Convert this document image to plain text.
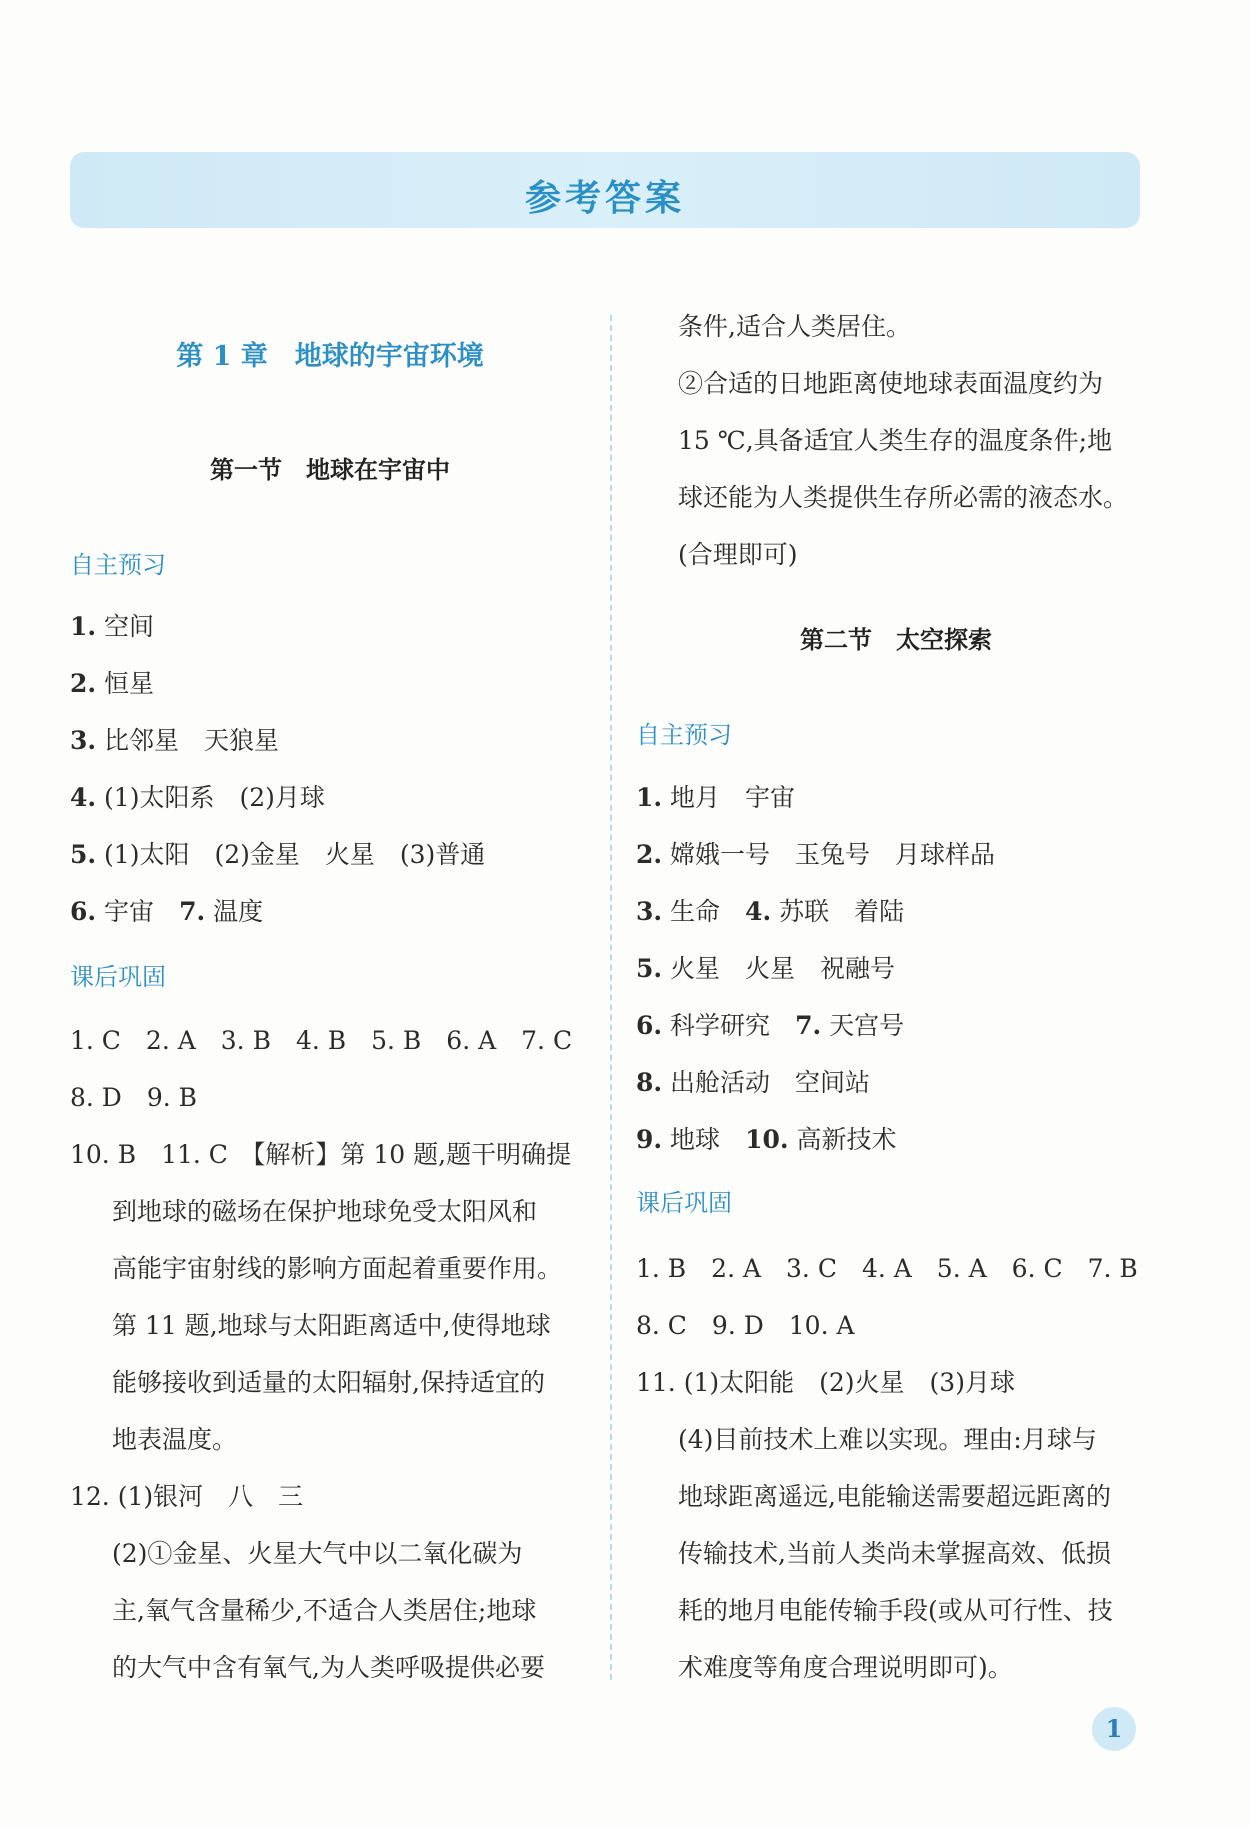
参考答案
第 1 章　地球的宇宙环境
第一节　地球在宇宙中
自主预习
1. 空间
2. 恒星
3. 比邻星　天狼星
4. (1)太阳系　(2)月球
5. (1)太阳　(2)金星　火星　(3)普通
6. 宇宙　7. 温度
课后巩固
1. C　2. A　3. B　4. B　5. B　6. A　7. C
8. D　9. B
10. B　11. C　【解析】第 10 题,题干明确提
到地球的磁场在保护地球免受太阳风和
高能宇宙射线的影响方面起着重要作用。
第 11 题,地球与太阳距离适中,使得地球
能够接收到适量的太阳辐射,保持适宜的
地表温度。
12. (1)银河　八　三
(2)①金星、火星大气中以二氧化碳为
主,氧气含量稀少,不适合人类居住;地球
的大气中含有氧气,为人类呼吸提供必要
条件,适合人类居住。
②合适的日地距离使地球表面温度约为
15 ℃,具备适宜人类生存的温度条件;地
球还能为人类提供生存所必需的液态水。
(合理即可)
第二节　太空探索
自主预习
1. 地月　宇宙
2. 嫦娥一号　玉兔号　月球样品
3. 生命　4. 苏联　着陆
5. 火星　火星　祝融号
6. 科学研究　7. 天宫号
8. 出舱活动　空间站
9. 地球　10. 高新技术
课后巩固
1. B　2. A　3. C　4. A　5. A　6. C　7. B
8. C　9. D　10. A
11. (1)太阳能　(2)火星　(3)月球
(4)目前技术上难以实现。理由:月球与
地球距离遥远,电能输送需要超远距离的
传输技术,当前人类尚未掌握高效、低损
耗的地月电能传输手段(或从可行性、技
术难度等角度合理说明即可)。
1
